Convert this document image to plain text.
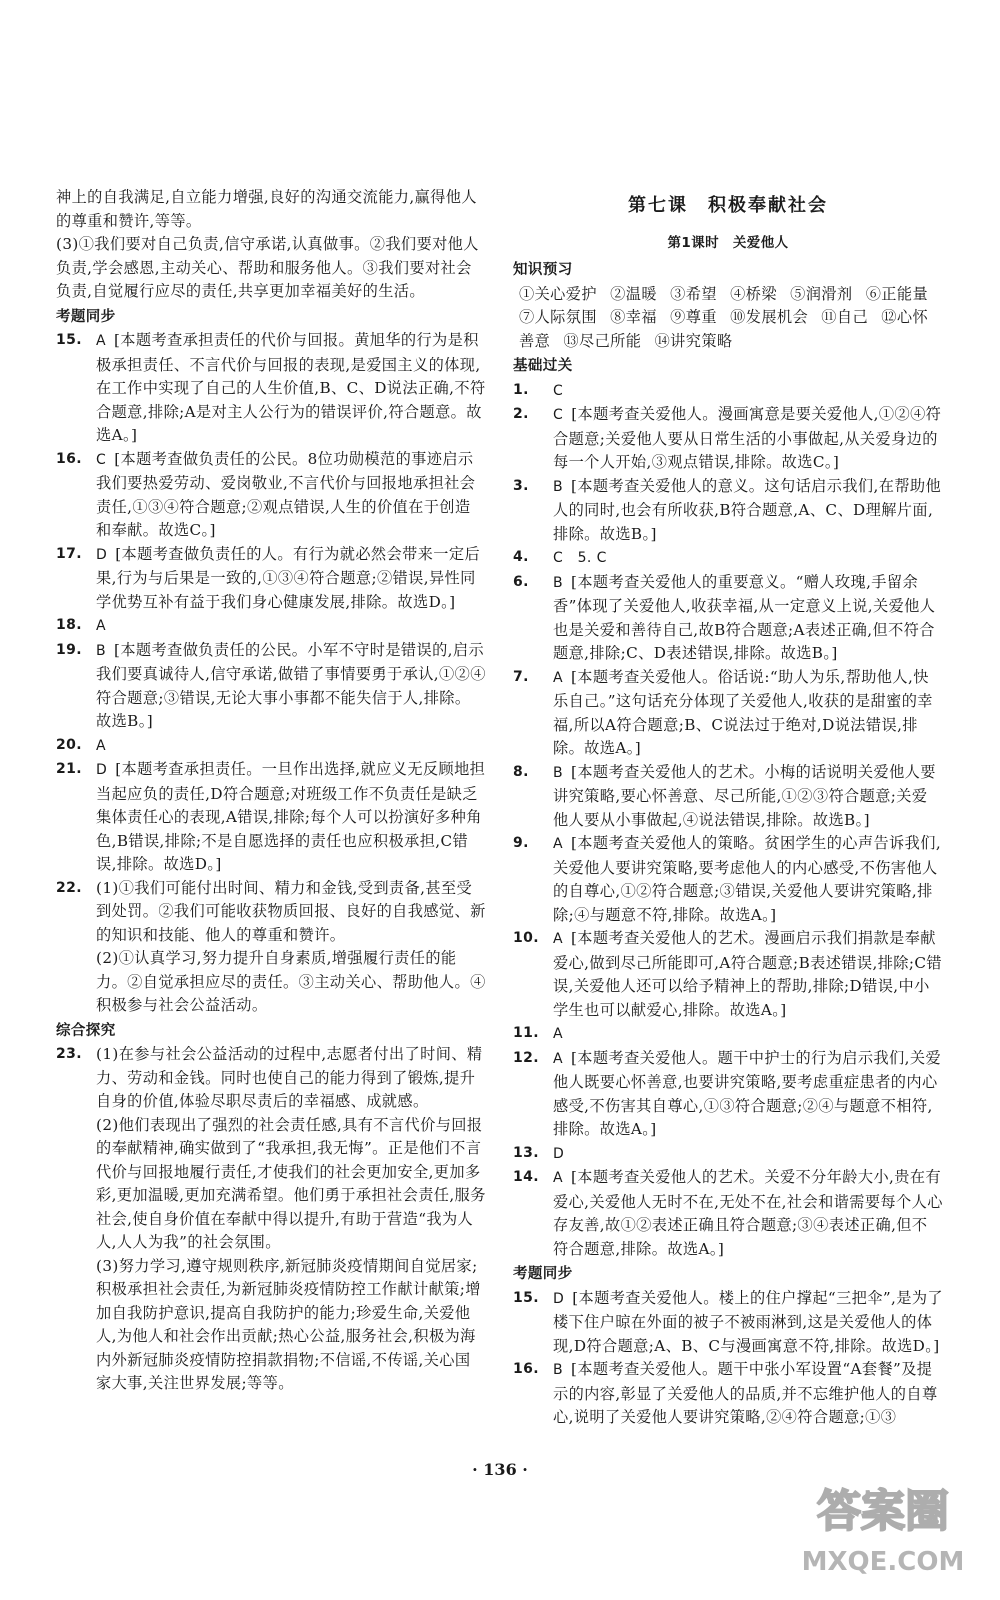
神上的自我满足,自立能力增强,良好的沟通交流能力,赢得他人的尊重和赞许,等等。

(3)①我们要对自己负责,信守承诺,认真做事。②我们要对他人负责,学会感恩,主动关心、帮助和服务他人。③我们要对社会负责,自觉履行应尽的责任,共享更加幸福美好的生活。

考题同步

15. A  [本题考查承担责任的代价与回报。黄旭华的行为是积极承担责任、不言代价与回报的表现,是爱国主义的体现,在工作中实现了自己的人生价值,B、C、D说法正确,不符合题意,排除;A是对主人公行为的错误评价,符合题意。故选A。]
16. C  [本题考查做负责任的公民。8位功勋模范的事迹启示我们要热爱劳动、爱岗敬业,不言代价与回报地承担社会责任,①③④符合题意;②观点错误,人生的价值在于创造和奉献。故选C。]
17. D  [本题考查做负责任的人。有行为就必然会带来一定后果,行为与后果是一致的,①③④符合题意;②错误,异性同学优势互补有益于我们身心健康发展,排除。故选D。]
18. A
19. B  [本题考查做负责任的公民。小军不守时是错误的,启示我们要真诚待人,信守承诺,做错了事情要勇于承认,①②④符合题意;③错误,无论大事小事都不能失信于人,排除。故选B。]
20. A
21. D  [本题考查承担责任。一旦作出选择,就应义无反顾地担当起应负的责任,D符合题意;对班级工作不负责任是缺乏集体责任心的表现,A错误,排除;每个人可以扮演好多种角色,B错误,排除;不是自愿选择的责任也应积极承担,C错误,排除。故选D。]
22. (1)①我们可能付出时间、精力和金钱,受到责备,甚至受到处罚。②我们可能收获物质回报、良好的自我感觉、新的知识和技能、他人的尊重和赞许。
(2)①认真学习,努力提升自身素质,增强履行责任的能力。②自觉承担应尽的责任。③主动关心、帮助他人。④积极参与社会公益活动。

综合探究

23. (1)在参与社会公益活动的过程中,志愿者付出了时间、精力、劳动和金钱。同时也使自己的能力得到了锻炼,提升自身的价值,体验尽职尽责后的幸福感、成就感。
(2)他们表现出了强烈的社会责任感,具有不言代价与回报的奉献精神,确实做到了“我承担,我无悔”。正是他们不言代价与回报地履行责任,才使我们的社会更加安全,更加多彩,更加温暖,更加充满希望。他们勇于承担社会责任,服务社会,使自身价值在奉献中得以提升,有助于营造“我为人人,人人为我”的社会氛围。
(3)努力学习,遵守规则秩序,新冠肺炎疫情期间自觉居家;积极承担社会责任,为新冠肺炎疫情防控工作献计献策;增加自我防护意识,提高自我防护的能力;珍爱生命,关爱他人,为他人和社会作出贡献;热心公益,服务社会,积极为海内外新冠肺炎疫情防控捐款捐物;不信谣,不传谣,关心国家大事,关注世界发展;等等。

第七课　积极奉献社会

第1课时　关爱他人

知识预习

①关心爱护 ②温暖 ③希望 ④桥梁 ⑤润滑剂 ⑥正能量 ⑦人际氛围 ⑧幸福 ⑨尊重 ⑩发展机会 ⑪自己 ⑫心怀善意 ⑬尽己所能 ⑭讲究策略

基础过关

1. C
2. C  [本题考查关爱他人。漫画寓意是要关爱他人,①②④符合题意;关爱他人要从日常生活的小事做起,从关爱身边的每一个人开始,③观点错误,排除。故选C。]
3. B  [本题考查关爱他人的意义。这句话启示我们,在帮助他人的同时,也会有所收获,B符合题意,A、C、D理解片面,排除。故选B。]
4. C　5. C
6. B  [本题考查关爱他人的重要意义。“赠人玫瑰,手留余香”体现了关爱他人,收获幸福,从一定意义上说,关爱他人也是关爱和善待自己,故B符合题意;A表述正确,但不符合题意,排除;C、D表述错误,排除。故选B。]
7. A  [本题考查关爱他人。俗话说:“助人为乐,帮助他人,快乐自己。”这句话充分体现了关爱他人,收获的是甜蜜的幸福,所以A符合题意;B、C说法过于绝对,D说法错误,排除。故选A。]
8. B  [本题考查关爱他人的艺术。小梅的话说明关爱他人要讲究策略,要心怀善意、尽己所能,①②③符合题意;关爱他人要从小事做起,④说法错误,排除。故选B。]
9. A  [本题考查关爱他人的策略。贫困学生的心声告诉我们,关爱他人要讲究策略,要考虑他人的内心感受,不伤害他人的自尊心,①②符合题意;③错误,关爱他人要讲究策略,排除;④与题意不符,排除。故选A。]
10. A  [本题考查关爱他人的艺术。漫画启示我们捐款是奉献爱心,做到尽己所能即可,A符合题意;B表述错误,排除;C错误,关爱他人还可以给予精神上的帮助,排除;D错误,中小学生也可以献爱心,排除。故选A。]
11. A
12. A  [本题考查关爱他人。题干中护士的行为启示我们,关爱他人既要心怀善意,也要讲究策略,要考虑重症患者的内心感受,不伤害其自尊心,①③符合题意;②④与题意不相符,排除。故选A。]
13. D
14. A  [本题考查关爱他人的艺术。关爱不分年龄大小,贵在有爱心,关爱他人无时不在,无处不在,社会和谐需要每个人心存友善,故①②表述正确且符合题意;③④表述正确,但不符合题意,排除。故选A。]

考题同步

15. D  [本题考查关爱他人。楼上的住户撑起“三把伞”,是为了楼下住户晾在外面的被子不被雨淋到,这是关爱他人的体现,D符合题意;A、B、C与漫画寓意不符,排除。故选D。]
16. B  [本题考查关爱他人。题干中张小军设置“A套餐”及提示的内容,彰显了关爱他人的品质,并不忘维护他人的自尊心,说明了关爱他人要讲究策略,②④符合题意;①③
· 136 ·
答案圈
MXQE.COM
